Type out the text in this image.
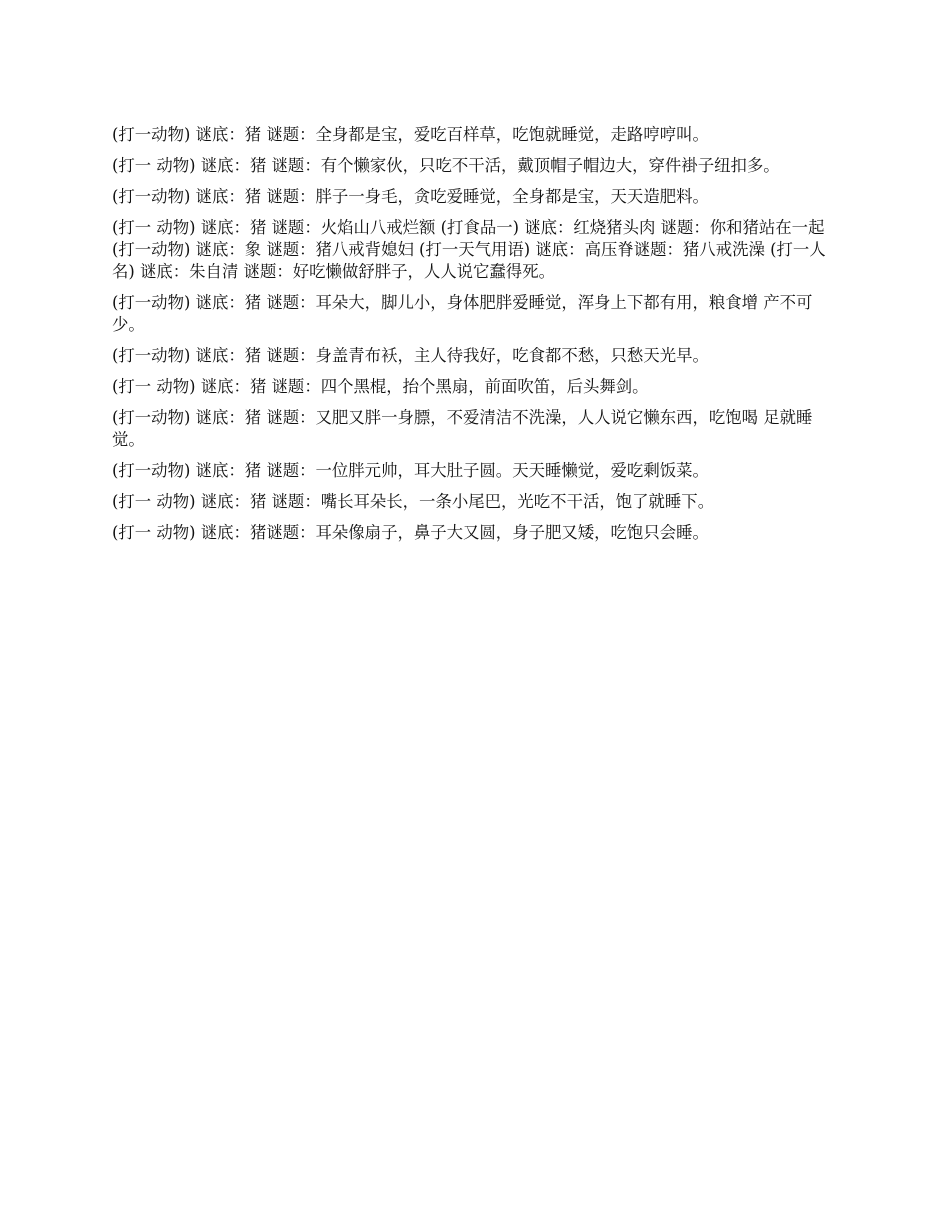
(打一动物) 谜底：猪 谜题：全身都是宝，爱吃百样草，吃饱就睡觉，走路哼哼叫。

(打一 动物) 谜底：猪 谜题：有个懒家伙，只吃不干活，戴顶帽子帽边大，穿件褂子纽扣多。

(打一动物) 谜底：猪 谜题：胖子一身毛，贪吃爱睡觉，全身都是宝，天天造肥料。

(打一 动物) 谜底：猪 谜题：火焰山八戒烂额 (打食品一) 谜底：红烧猪头肉 谜题：你和猪站在一起 (打一动物) 谜底：象 谜题：猪八戒背媳妇 (打一天气用语) 谜底：高压脊谜题：猪八戒洗澡 (打一人名) 谜底：朱自清 谜题：好吃懒做舒胖子，人人说它蠢得死。

(打一动物) 谜底：猪 谜题：耳朵大，脚儿小，身体肥胖爱睡觉，浑身上下都有用，粮食增 产不可少。

(打一动物) 谜底：猪 谜题：身盖青布袄，主人待我好，吃食都不愁，只愁天光早。

(打一 动物) 谜底：猪 谜题：四个黑棍，抬个黑扇，前面吹笛，后头舞剑。

(打一动物) 谜底：猪 谜题：又肥又胖一身膘，不爱清洁不洗澡，人人说它懒东西，吃饱喝 足就睡觉。

(打一动物) 谜底：猪 谜题：一位胖元帅，耳大肚子圆。天天睡懒觉，爱吃剩饭菜。

(打一 动物) 谜底：猪 谜题：嘴长耳朵长，一条小尾巴，光吃不干活，饱了就睡下。

(打一 动物) 谜底：猪谜题：耳朵像扇子，鼻子大又圆，身子肥又矮，吃饱只会睡。
